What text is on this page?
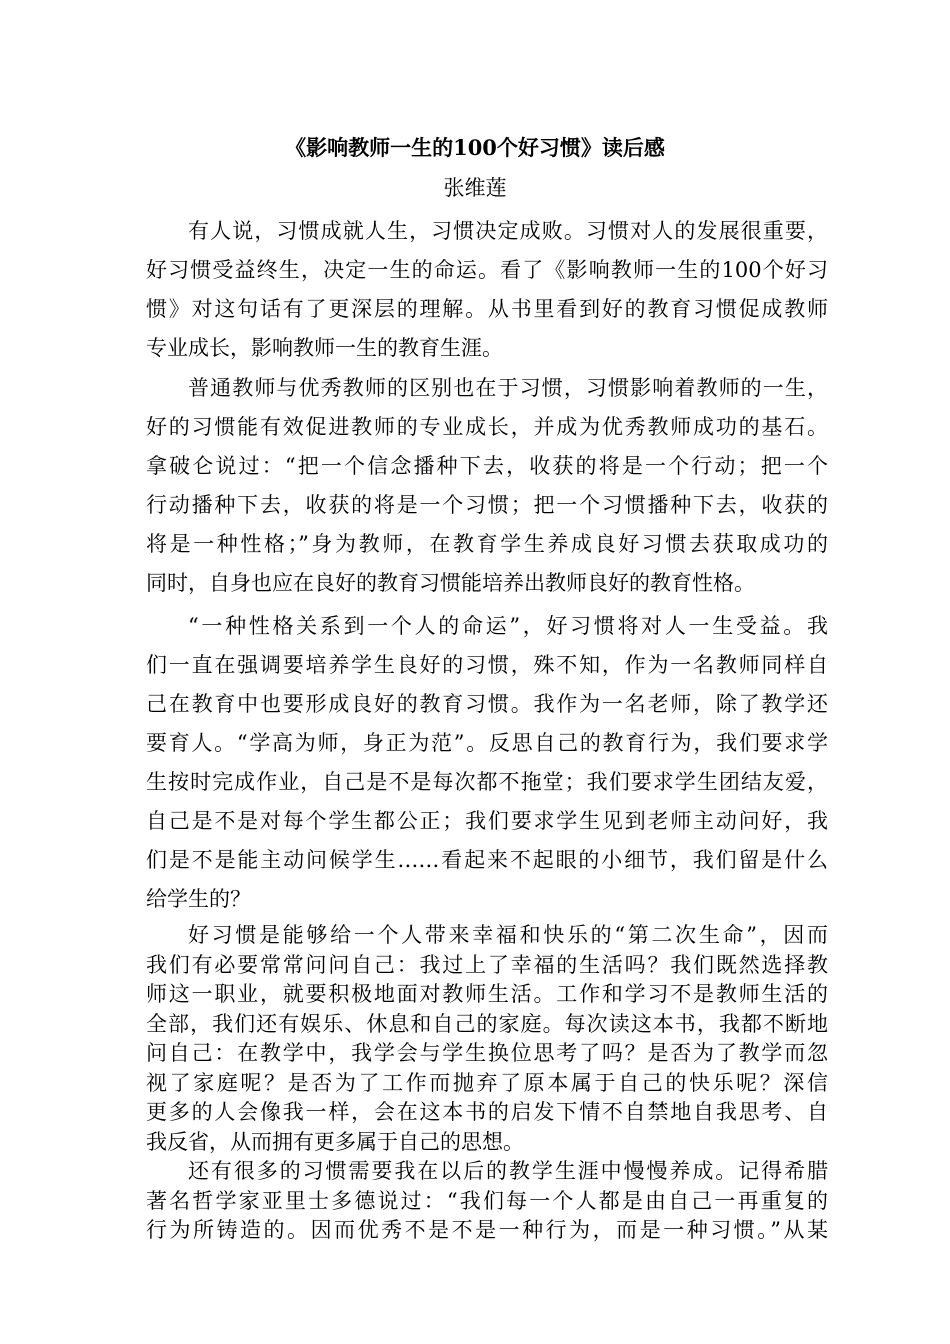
《影响教师一生的100个好习惯》读后感
张维莲
有人说，习惯成就人生，习惯决定成败。习惯对人的发展很重要，
好习惯受益终生，决定一生的命运。看了《影响教师一生的100个好习
惯》对这句话有了更深层的理解。从书里看到好的教育习惯促成教师
专业成长，影响教师一生的教育生涯。
普通教师与优秀教师的区别也在于习惯，习惯影响着教师的一生，
好的习惯能有效促进教师的专业成长，并成为优秀教师成功的基石。
拿破仑说过：“把一个信念播种下去，收获的将是一个行动；把一个
行动播种下去，收获的将是一个习惯；把一个习惯播种下去，收获的
将是一种性格；”身为教师，在教育学生养成良好习惯去获取成功的
同时，自身也应在良好的教育习惯能培养出教师良好的教育性格。
“一种性格关系到一个人的命运”，好习惯将对人一生受益。我
们一直在强调要培养学生良好的习惯，殊不知，作为一名教师同样自
己在教育中也要形成良好的教育习惯。我作为一名老师，除了教学还
要育人。“学高为师，身正为范”。反思自己的教育行为，我们要求学
生按时完成作业，自己是不是每次都不拖堂；我们要求学生团结友爱，
自己是不是对每个学生都公正；我们要求学生见到老师主动问好，我
们是不是能主动问候学生……看起来不起眼的小细节，我们留是什么
给学生的？
好习惯是能够给一个人带来幸福和快乐的“第二次生命”，因而
我们有必要常常问问自己：我过上了幸福的生活吗？我们既然选择教
师这一职业，就要积极地面对教师生活。工作和学习不是教师生活的
全部，我们还有娱乐、休息和自己的家庭。每次读这本书，我都不断地
问自己：在教学中，我学会与学生换位思考了吗？是否为了教学而忽
视了家庭呢？是否为了工作而抛弃了原本属于自己的快乐呢？深信
更多的人会像我一样，会在这本书的启发下情不自禁地自我思考、自
我反省，从而拥有更多属于自己的思想。
还有很多的习惯需要我在以后的教学生涯中慢慢养成。记得希腊
著名哲学家亚里士多德说过：“我们每一个人都是由自己一再重复的
行为所铸造的。因而优秀不是不是一种行为，而是一种习惯。”从某
